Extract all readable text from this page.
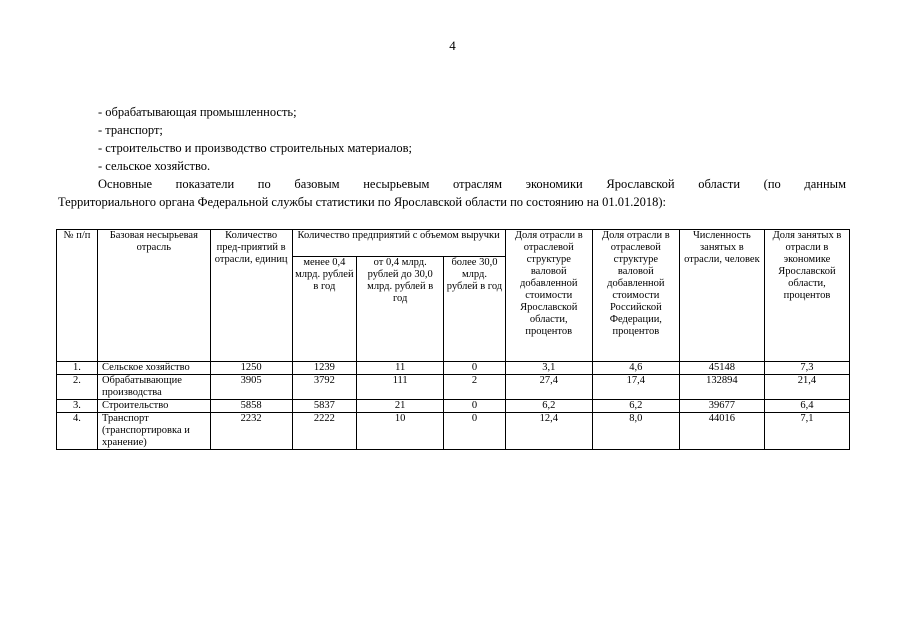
4
- обрабатывающая промышленность;
- транспорт;
- строительство и производство строительных материалов;
- сельское хозяйство.
Основные показатели по базовым несырьевым отраслям экономики Ярославской области (по данным
Территориального органа Федеральной службы статистики по Ярославской области по состоянию на 01.01.2018):
№ п/п	Базовая несырьевая отрасль	Количество пред-приятий в отрасли, единиц	Количество предприятий с объемом выручки			Доля отрасли в отраслевой структуре валовой добавленной стоимости Ярославской области, процентов	Доля отрасли в отраслевой структуре валовой добавленной стоимости Российской Федерации, процентов	Численность занятых в отрасли, человек	Доля занятых в отрасли в экономике Ярославской области, процентов
			менее 0,4 млрд. рублей в год	от 0,4 млрд. рублей до 30,0 млрд. рублей в год	более 30,0 млрд. рублей в год				
1.	Сельское хозяйство	1250	1239	11	0	3,1	4,6	45148	7,3
2.	Обрабатывающие производства	3905	3792	111	2	27,4	17,4	132894	21,4
3.	Строительство	5858	5837	21	0	6,2	6,2	39677	6,4
4.	Транспорт (транспортировка и хранение)	2232	2222	10	0	12,4	8,0	44016	7,1
